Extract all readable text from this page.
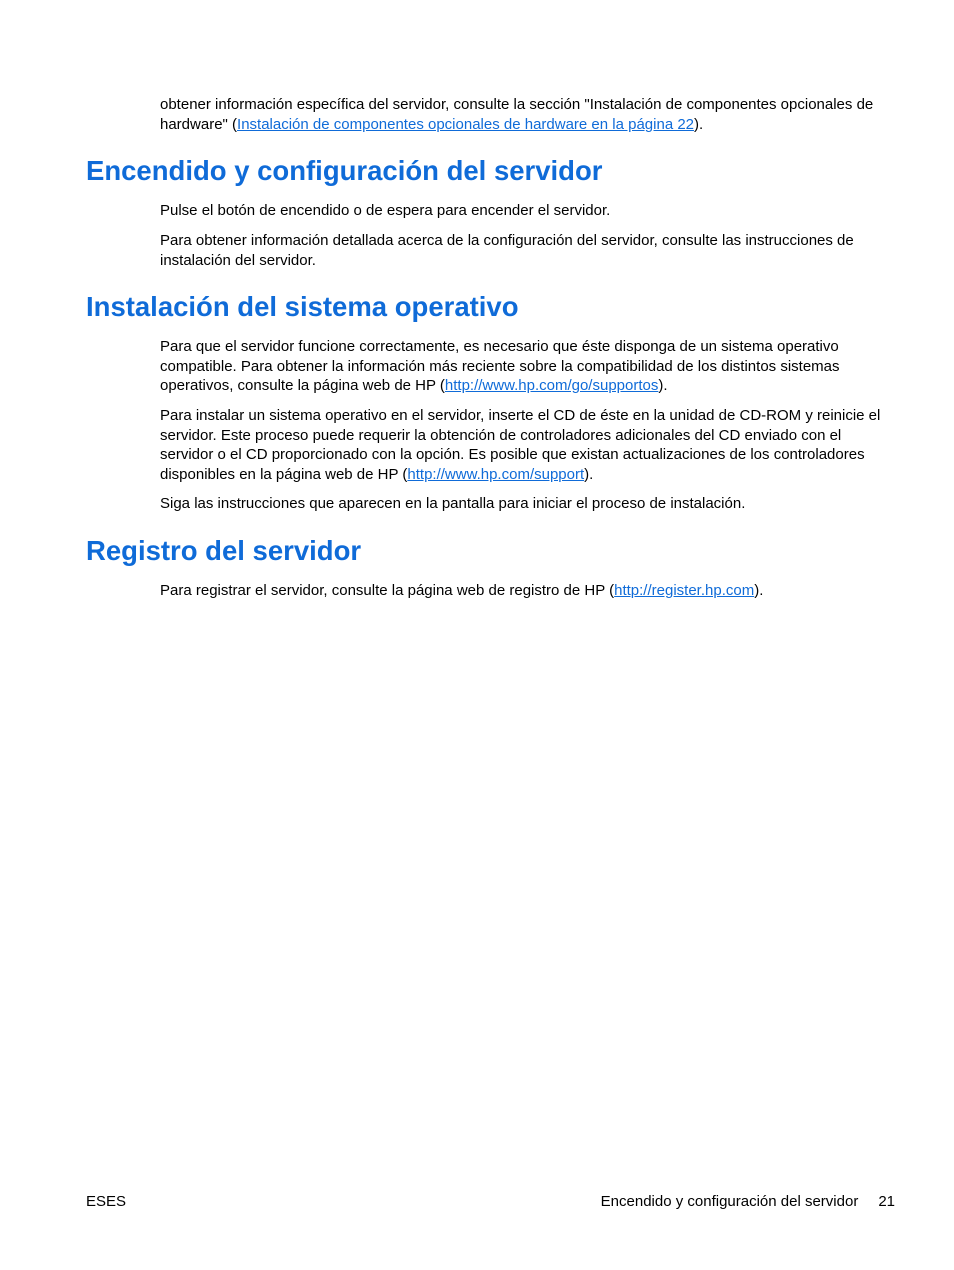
obtener información específica del servidor, consulte la sección "Instalación de componentes opcionales de hardware" (Instalación de componentes opcionales de hardware en la página 22).

Encendido y configuración del servidor

Pulse el botón de encendido o de espera para encender el servidor.

Para obtener información detallada acerca de la configuración del servidor, consulte las instrucciones de instalación del servidor.

Instalación del sistema operativo

Para que el servidor funcione correctamente, es necesario que éste disponga de un sistema operativo compatible. Para obtener la información más reciente sobre la compatibilidad de los distintos sistemas operativos, consulte la página web de HP (http://www.hp.com/go/supportos).

Para instalar un sistema operativo en el servidor, inserte el CD de éste en la unidad de CD-ROM y reinicie el servidor. Este proceso puede requerir la obtención de controladores adicionales del CD enviado con el servidor o el CD proporcionado con la opción. Es posible que existan actualizaciones de los controladores disponibles en la página web de HP (http://www.hp.com/support).

Siga las instrucciones que aparecen en la pantalla para iniciar el proceso de instalación.

Registro del servidor

Para registrar el servidor, consulte la página web de registro de HP (http://register.hp.com).

ESES	Encendido y configuración del servidor 21
